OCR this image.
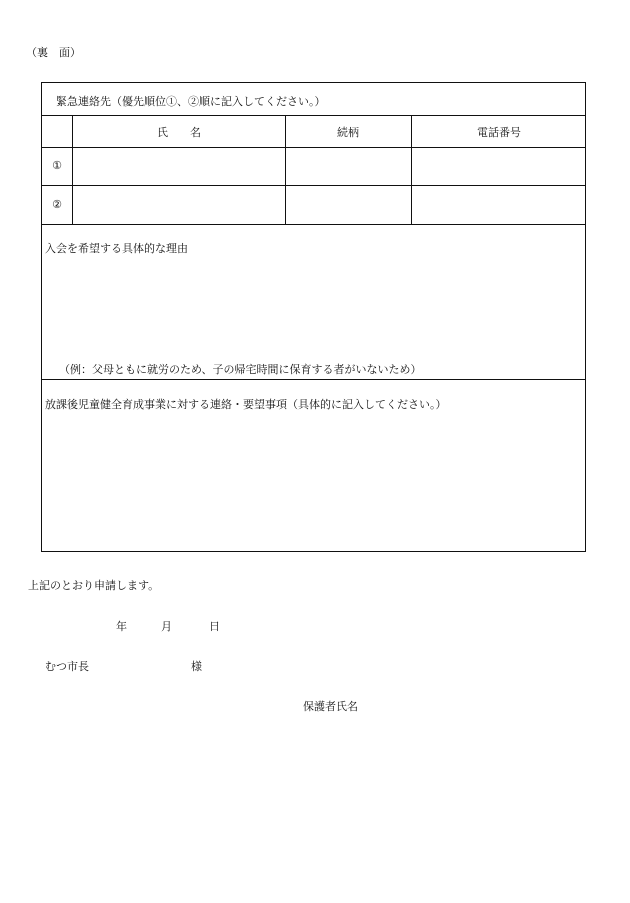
（裏　面）
緊急連絡先（優先順位①、②順に記入してください。）
氏　　名	続柄	電話番号
①
②
入会を希望する具体的な理由
（例：父母ともに就労のため、子の帰宅時間に保育する者がいないため）
放課後児童健全育成事業に対する連絡・要望事項（具体的に記入してください。）
上記のとおり申請します。
年	月	日
むつ市長	様
保護者氏名
